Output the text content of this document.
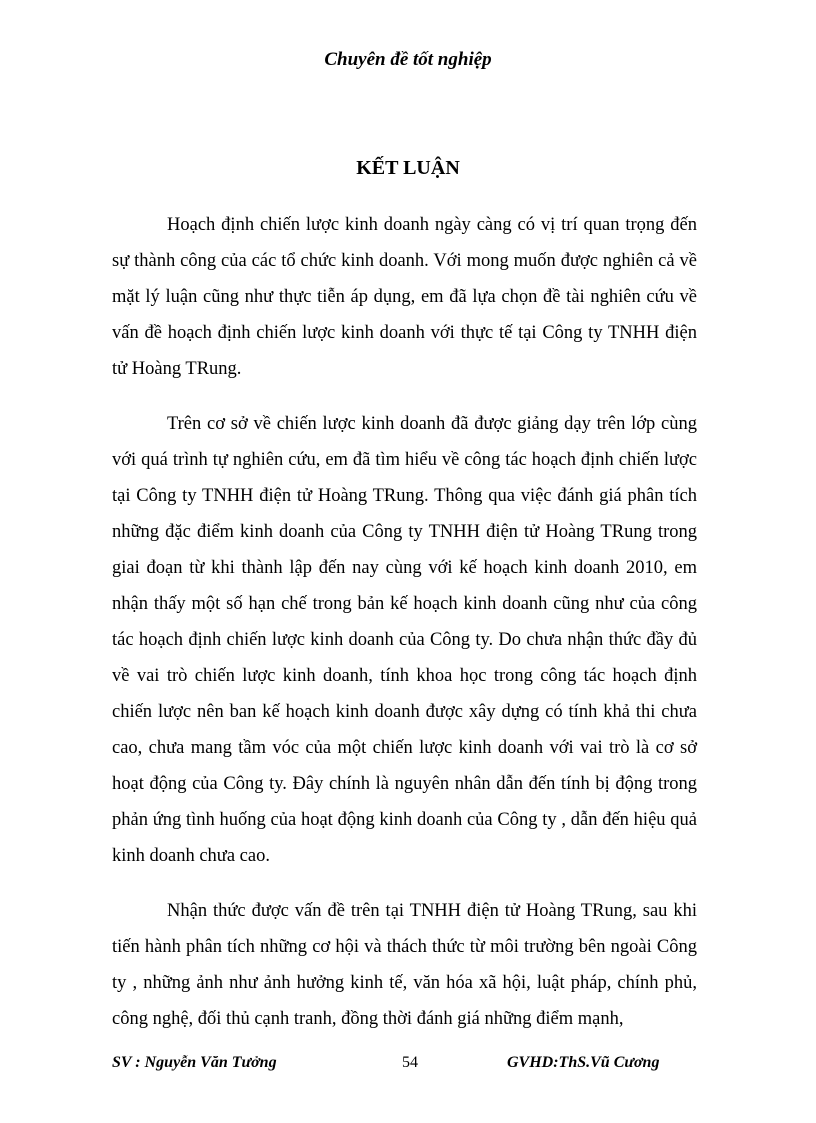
Chuyên đề tốt nghiệp
KẾT LUẬN

Hoạch định chiến lược kinh doanh ngày càng có vị trí quan trọng đến sự thành công của các tổ chức kinh doanh. Với mong muốn được nghiên cả về mặt lý luận cũng như thực tiễn áp dụng, em đã lựa chọn đề tài nghiên cứu về vấn đề hoạch định chiến lược kinh doanh với thực tế tại Công ty TNHH điện tử Hoàng TRung.

Trên cơ sở về chiến lược kinh doanh đã được giảng dạy trên lớp cùng với quá trình tự nghiên cứu, em đã tìm hiểu về công tác hoạch định chiến lược tại Công ty TNHH điện tử Hoàng TRung. Thông qua việc đánh giá phân tích những đặc điểm kinh doanh của Công ty TNHH điện tử Hoàng TRung trong giai đoạn từ khi thành lập đến nay cùng với kế hoạch kinh doanh 2010, em nhận thấy một số hạn chế trong bản kế hoạch kinh doanh cũng như của công tác hoạch định chiến lược kinh doanh của Công ty. Do chưa nhận thức đầy đủ về vai trò chiến lược kinh doanh, tính khoa học trong công tác hoạch định chiến lược nên ban kế hoạch kinh doanh được xây dựng có tính khả thi chưa cao, chưa mang tầm vóc của một chiến lược kinh doanh với vai trò là cơ sở hoạt động của Công ty. Đây chính là nguyên nhân dẫn đến tính bị động trong phản ứng tình huống của hoạt động kinh doanh của Công ty , dẫn đến hiệu quả kinh doanh chưa cao.

Nhận thức được vấn đề trên tại TNHH điện tử Hoàng TRung, sau khi tiến hành phân tích những cơ hội và thách thức từ môi trường bên ngoài Công ty , những ảnh như ảnh hưởng kinh tế, văn hóa xã hội, luật pháp, chính phủ, công nghệ, đối thủ cạnh tranh, đồng thời đánh giá những điểm mạnh,

SV : Nguyễn Văn Tưởng	54	GVHD:ThS.Vũ Cương
